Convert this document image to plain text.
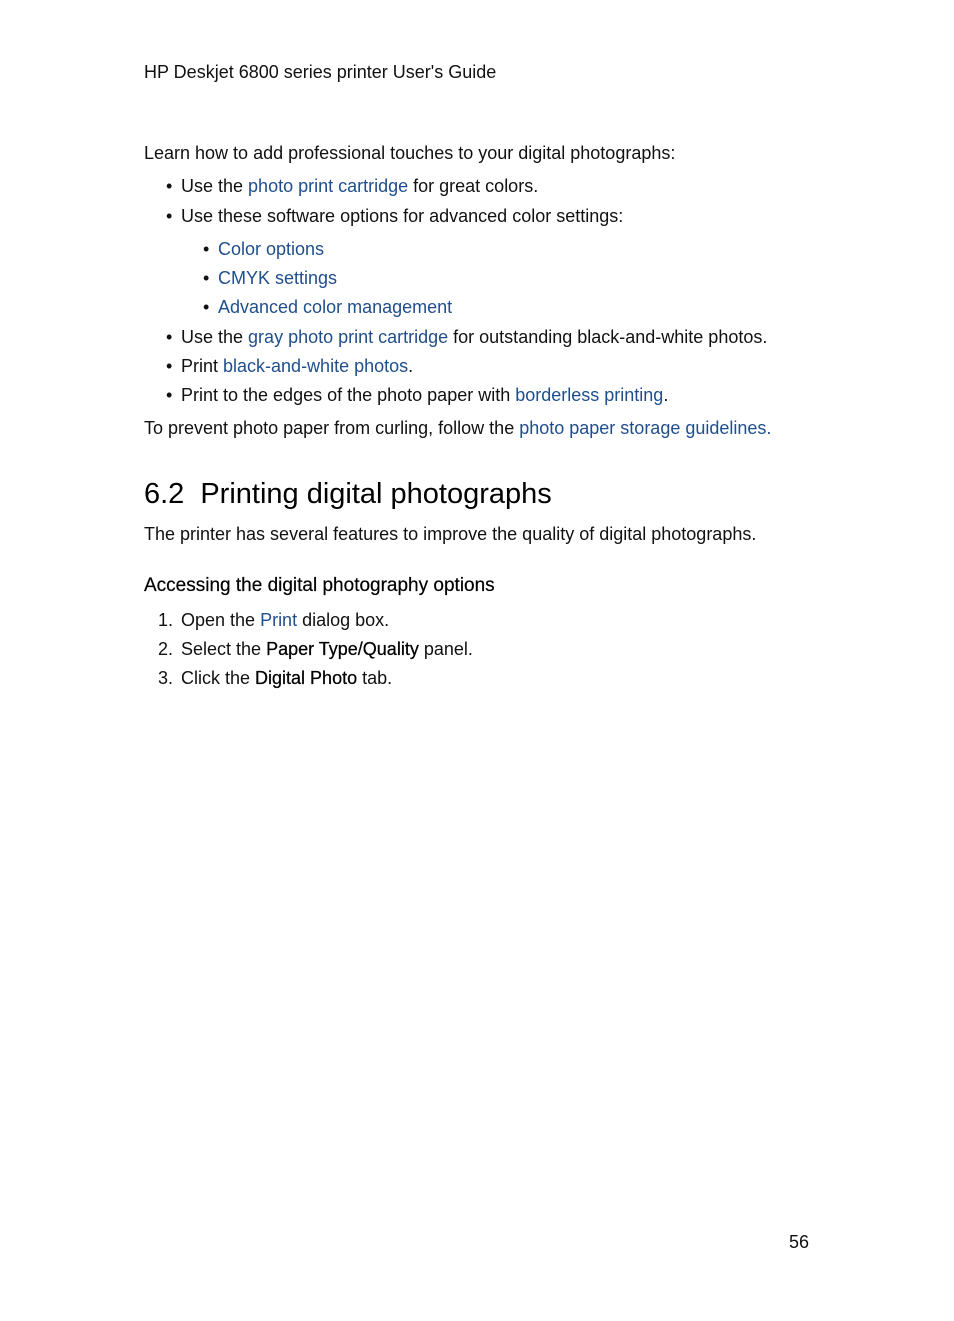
HP Deskjet 6800 series printer User's Guide
Learn how to add professional touches to your digital photographs:
• Use the photo print cartridge for great colors.
• Use these software options for advanced color settings:
• Color options
• CMYK settings
• Advanced color management
• Use the gray photo print cartridge for outstanding black-and-white photos.
• Print black-and-white photos.
• Print to the edges of the photo paper with borderless printing.
To prevent photo paper from curling, follow the photo paper storage guidelines.
6.2 Printing digital photographs
The printer has several features to improve the quality of digital photographs.
Accessing the digital photography options
1. Open the Print dialog box.
2. Select the Paper Type/Quality panel.
3. Click the Digital Photo tab.
56
